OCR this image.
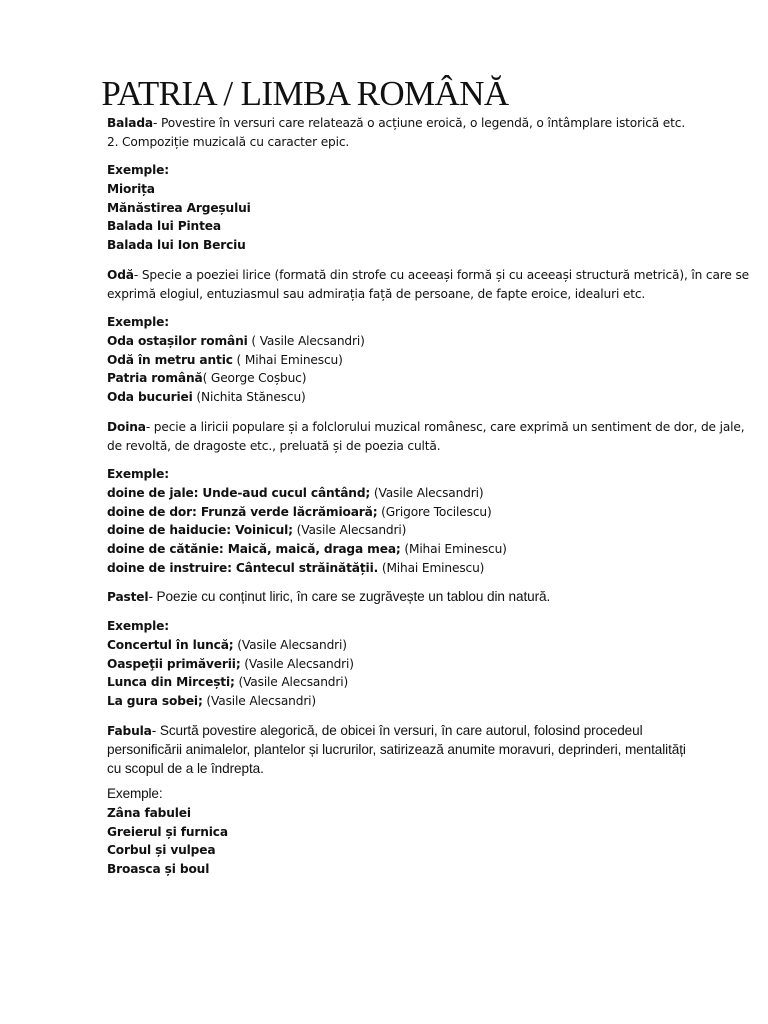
PATRIA / LIMBA ROMÂNĂ
Balada- Povestire în versuri care relatează o acțiune eroică, o legendă, o întâmplare istorică etc.
2. Compoziție muzicală cu caracter epic.
Exemple:
Miorița
Mănăstirea Argeșului
Balada lui Pintea
Balada lui Ion Berciu
Odă- Specie a poeziei lirice (formată din strofe cu aceeași formă și cu aceeași structură metrică), în care se
exprimă elogiul, entuziasmul sau admirația față de persoane, de fapte eroice, idealuri etc.
Exemple:
Oda ostașilor români ( Vasile Alecsandri)
Odă în metru antic ( Mihai Eminescu)
Patria română( George Coșbuc)
Oda bucuriei (Nichita Stănescu)
Doina- pecie a liricii populare și a folclorului muzical românesc, care exprimă un sentiment de dor, de jale,
de revoltă, de dragoste etc., preluată și de poezia cultă.
Exemple:
doine de jale: Unde-aud cucul cântând; (Vasile Alecsandri)
doine de dor: Frunză verde lăcrămioară; (Grigore Tocilescu)
doine de haiducie: Voinicul; (Vasile Alecsandri)
doine de cătănie: Maică, maică, draga mea; (Mihai Eminescu)
doine de instruire: Cântecul străinătății. (Mihai Eminescu)
Pastel- Poezie cu conținut liric, în care se zugrăvește un tablou din natură.
Exemple:
Concertul în luncă; (Vasile Alecsandri)
Oaspeţii primăverii; (Vasile Alecsandri)
Lunca din Mircești; (Vasile Alecsandri)
La gura sobei; (Vasile Alecsandri)
Fabula- Scurtă povestire alegorică, de obicei în versuri, în care autorul, folosind procedeul
personificării animalelor, plantelor și lucrurilor, satirizează anumite moravuri, deprinderi, mentalități
cu scopul de a le îndrepta.
Exemple:
Zâna fabulei
Greierul și furnica
Corbul și vulpea
Broasca și boul
